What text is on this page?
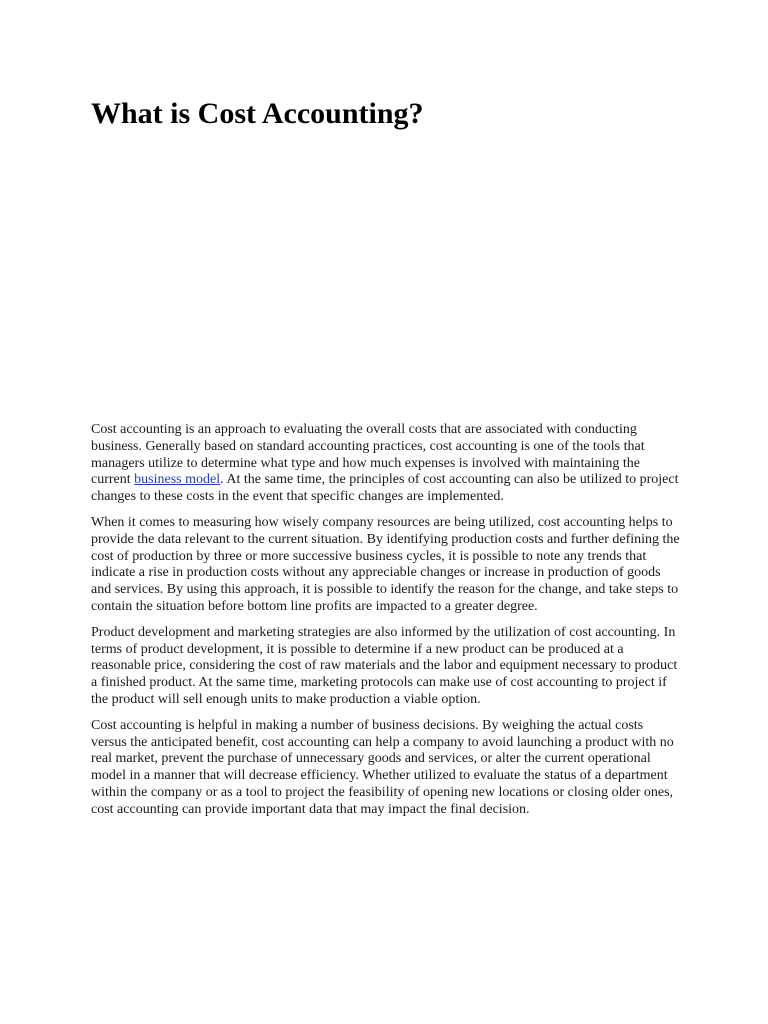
What is Cost Accounting?

Cost accounting is an approach to evaluating the overall costs that are associated with conducting business. Generally based on standard accounting practices, cost accounting is one of the tools that managers utilize to determine what type and how much expenses is involved with maintaining the current business model. At the same time, the principles of cost accounting can also be utilized to project changes to these costs in the event that specific changes are implemented.

When it comes to measuring how wisely company resources are being utilized, cost accounting helps to provide the data relevant to the current situation. By identifying production costs and further defining the cost of production by three or more successive business cycles, it is possible to note any trends that indicate a rise in production costs without any appreciable changes or increase in production of goods and services. By using this approach, it is possible to identify the reason for the change, and take steps to contain the situation before bottom line profits are impacted to a greater degree.

Product development and marketing strategies are also informed by the utilization of cost accounting. In terms of product development, it is possible to determine if a new product can be produced at a reasonable price, considering the cost of raw materials and the labor and equipment necessary to product a finished product. At the same time, marketing protocols can make use of cost accounting to project if the product will sell enough units to make production a viable option.

Cost accounting is helpful in making a number of business decisions. By weighing the actual costs versus the anticipated benefit, cost accounting can help a company to avoid launching a product with no real market, prevent the purchase of unnecessary goods and services, or alter the current operational model in a manner that will decrease efficiency. Whether utilized to evaluate the status of a department within the company or as a tool to project the feasibility of opening new locations or closing older ones, cost accounting can provide important data that may impact the final decision.
